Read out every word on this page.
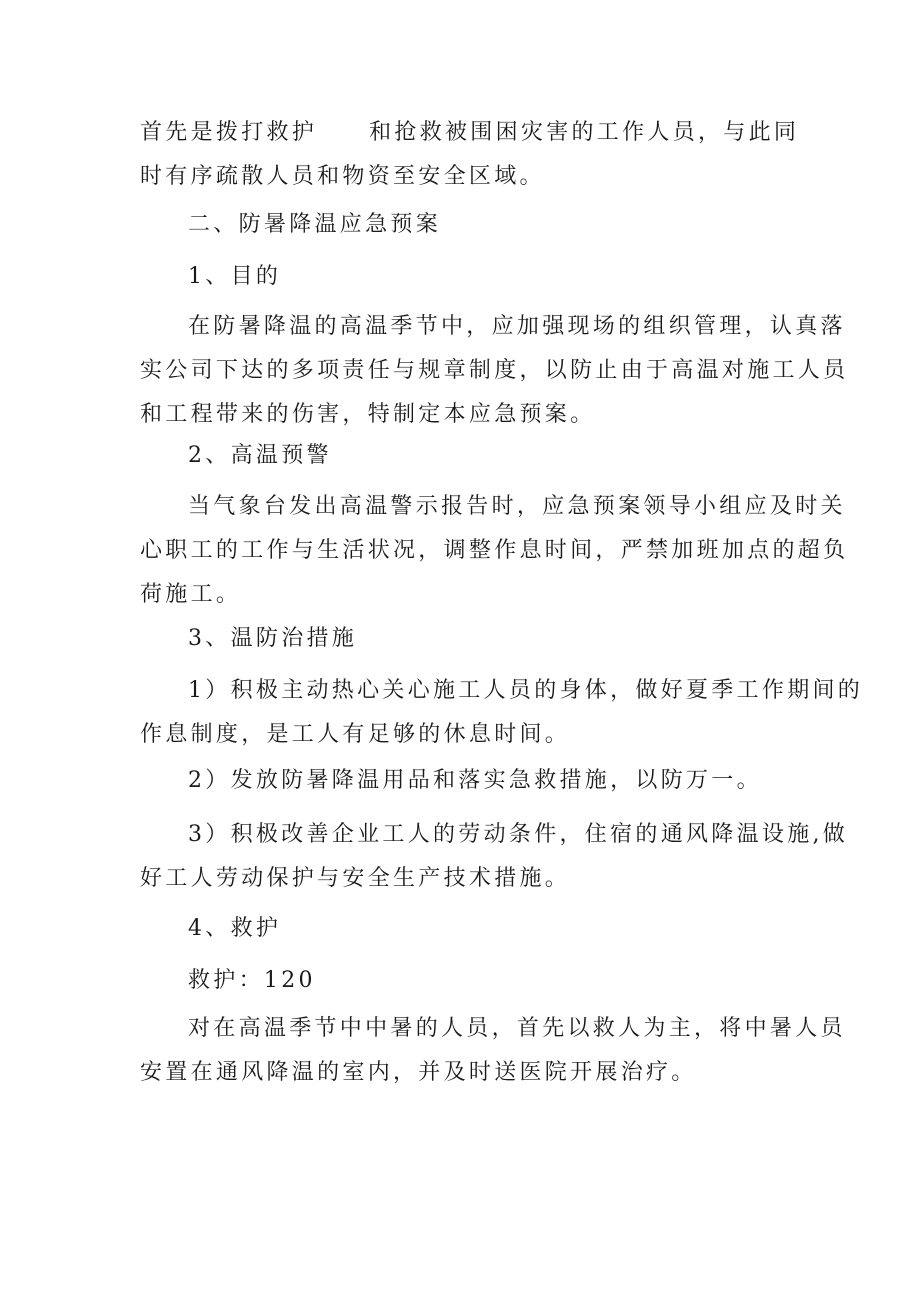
首先是拨打救护 和抢救被围困灾害的工作人员，与此同
时有序疏散人员和物资至安全区域。
二、防暑降温应急预案
1、目的
在防暑降温的高温季节中，应加强现场的组织管理，认真落
实公司下达的多项责任与规章制度，以防止由于高温对施工人员
和工程带来的伤害，特制定本应急预案。
2、高温预警
当气象台发出高温警示报告时，应急预案领导小组应及时关
心职工的工作与生活状况，调整作息时间，严禁加班加点的超负
荷施工。
3、温防治措施
1）积极主动热心关心施工人员的身体，做好夏季工作期间的
作息制度，是工人有足够的休息时间。
2）发放防暑降温用品和落实急救措施，以防万一。
3）积极改善企业工人的劳动条件，住宿的通风降温设施,做
好工人劳动保护与安全生产技术措施。
4、救护
救护：120
对在高温季节中中暑的人员，首先以救人为主，将中暑人员
安置在通风降温的室内，并及时送医院开展治疗。
